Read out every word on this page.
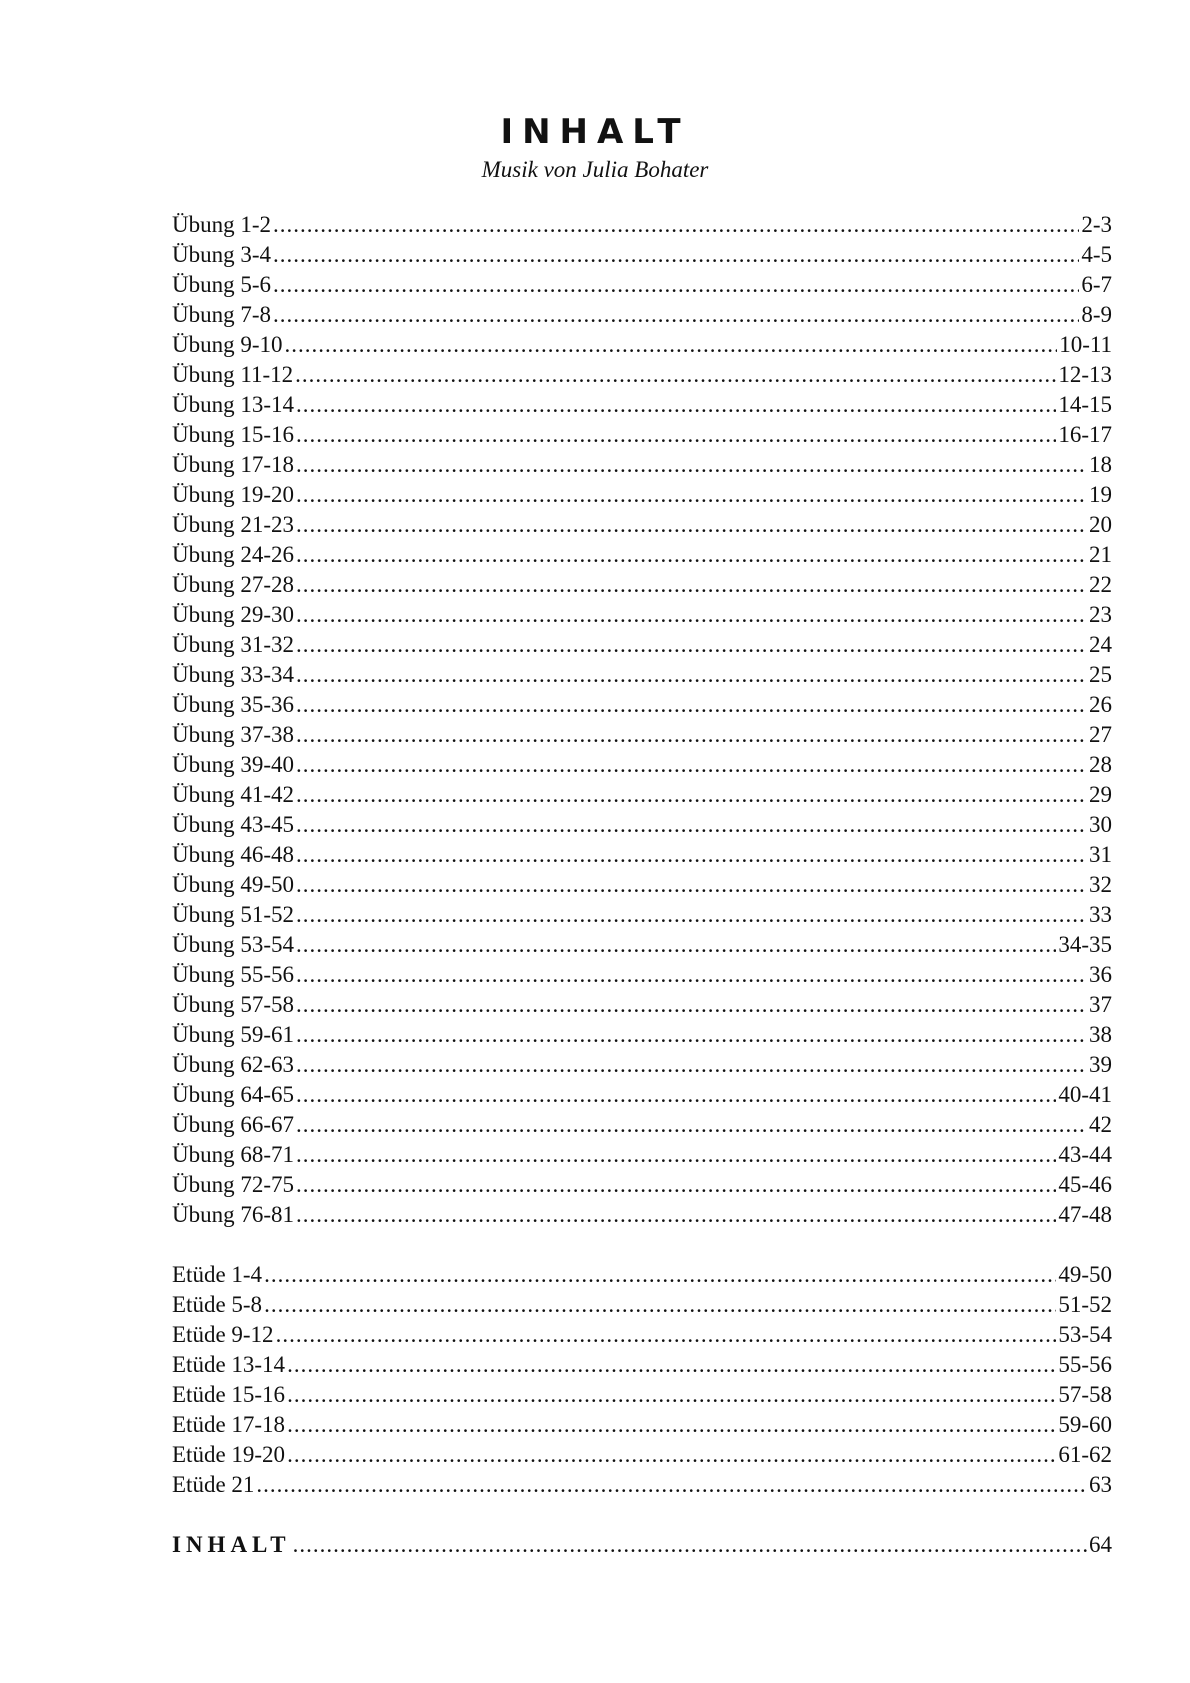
INHALT
Musik von Julia Bohater
Übung 1-2 .....	2-3
Übung 3-4 .....	4-5
Übung 5-6 .....	6-7
Übung 7-8 .....	8-9
Übung 9-10 .....	10-11
Übung 11-12 .....	12-13
Übung 13-14 .....	14-15
Übung 15-16 .....	16-17
Übung 17-18 .....	18
Übung 19-20 .....	19
Übung 21-23 .....	20
Übung 24-26 .....	21
Übung 27-28 .....	22
Übung 29-30 .....	23
Übung 31-32 .....	24
Übung 33-34 .....	25
Übung 35-36 .....	26
Übung 37-38 .....	27
Übung 39-40 .....	28
Übung 41-42 .....	29
Übung 43-45 .....	30
Übung 46-48 .....	31
Übung 49-50 .....	32
Übung 51-52 .....	33
Übung 53-54 .....	34-35
Übung 55-56 .....	36
Übung 57-58 .....	37
Übung 59-61 .....	38
Übung 62-63 .....	39
Übung 64-65 .....	40-41
Übung 66-67 .....	42
Übung 68-71 .....	43-44
Übung 72-75 .....	45-46
Übung 76-81 .....	47-48
Etüde 1-4 .....	49-50
Etüde 5-8 .....	51-52
Etüde 9-12 .....	53-54
Etüde 13-14 .....	55-56
Etüde 15-16 .....	57-58
Etüde 17-18 .....	59-60
Etüde 19-20 .....	61-62
Etüde 21 .....	63
INHALT .....	64
